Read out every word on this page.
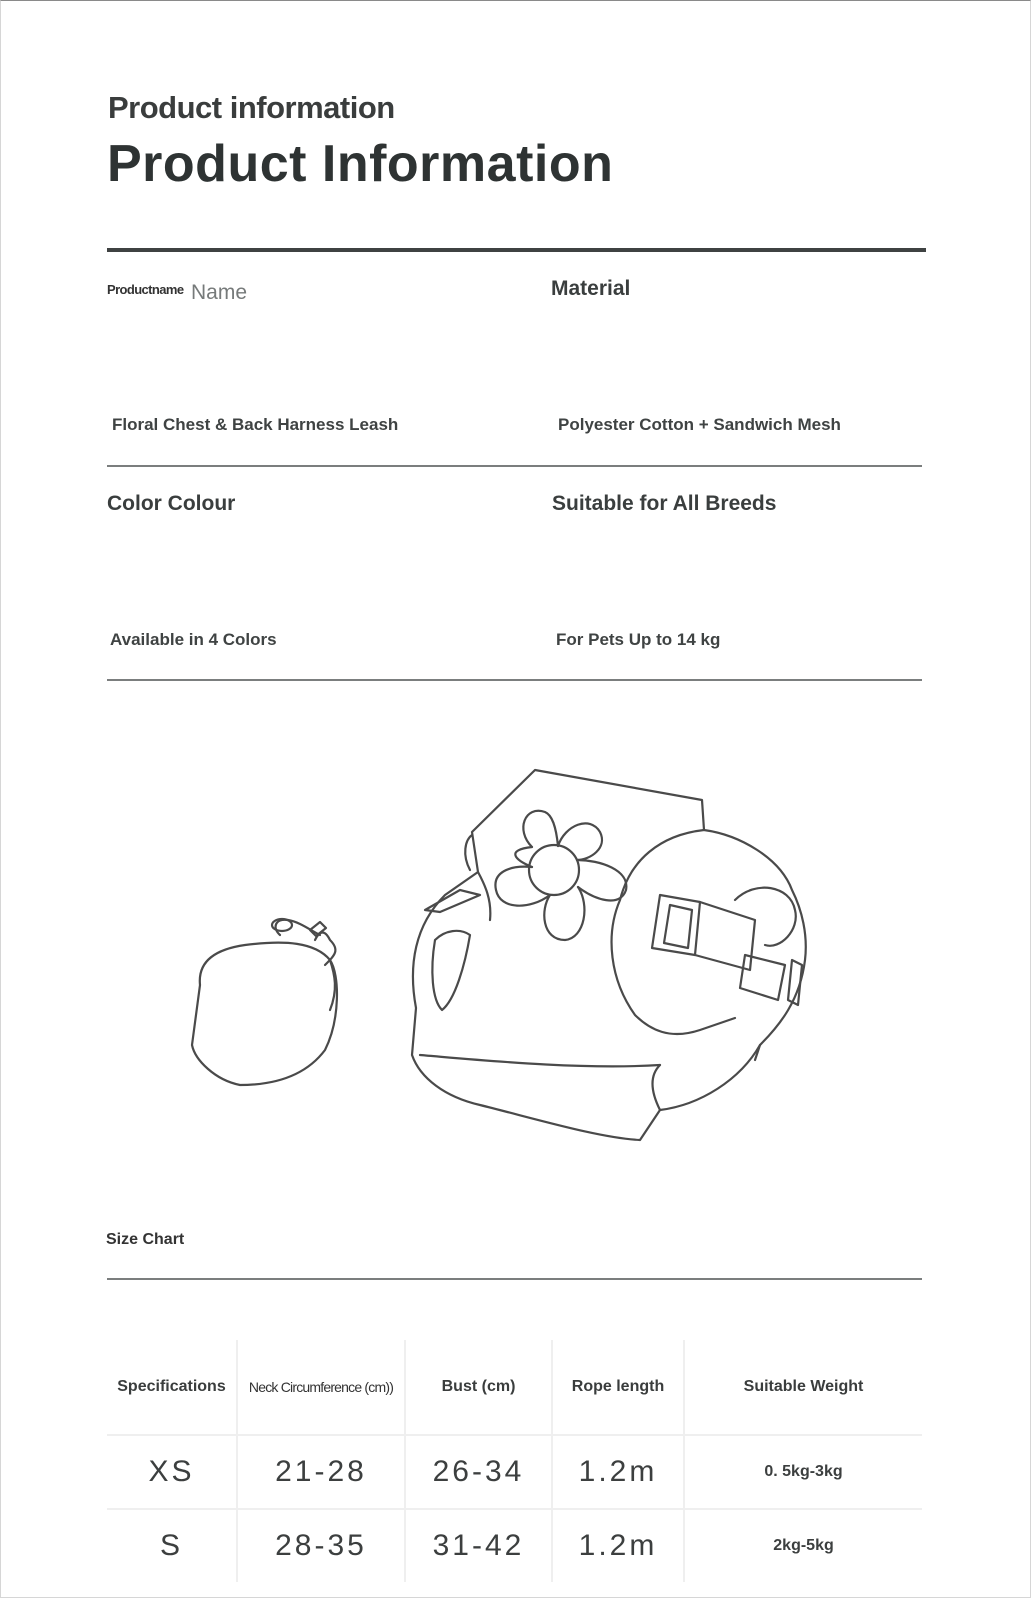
Product information
Product Information
Productname Name	Material
Floral Chest & Back Harness Leash	Polyester Cotton + Sandwich Mesh
Color Colour	Suitable for All Breeds
Available in 4 Colors	For Pets Up to 14 kg
Size Chart
Specifications	Neck Circumference (cm))	Bust (cm)	Rope length	Suitable Weight
XS	21-28	26-34	1.2m	0. 5kg-3kg
S	28-35	31-42	1.2m	2kg-5kg
